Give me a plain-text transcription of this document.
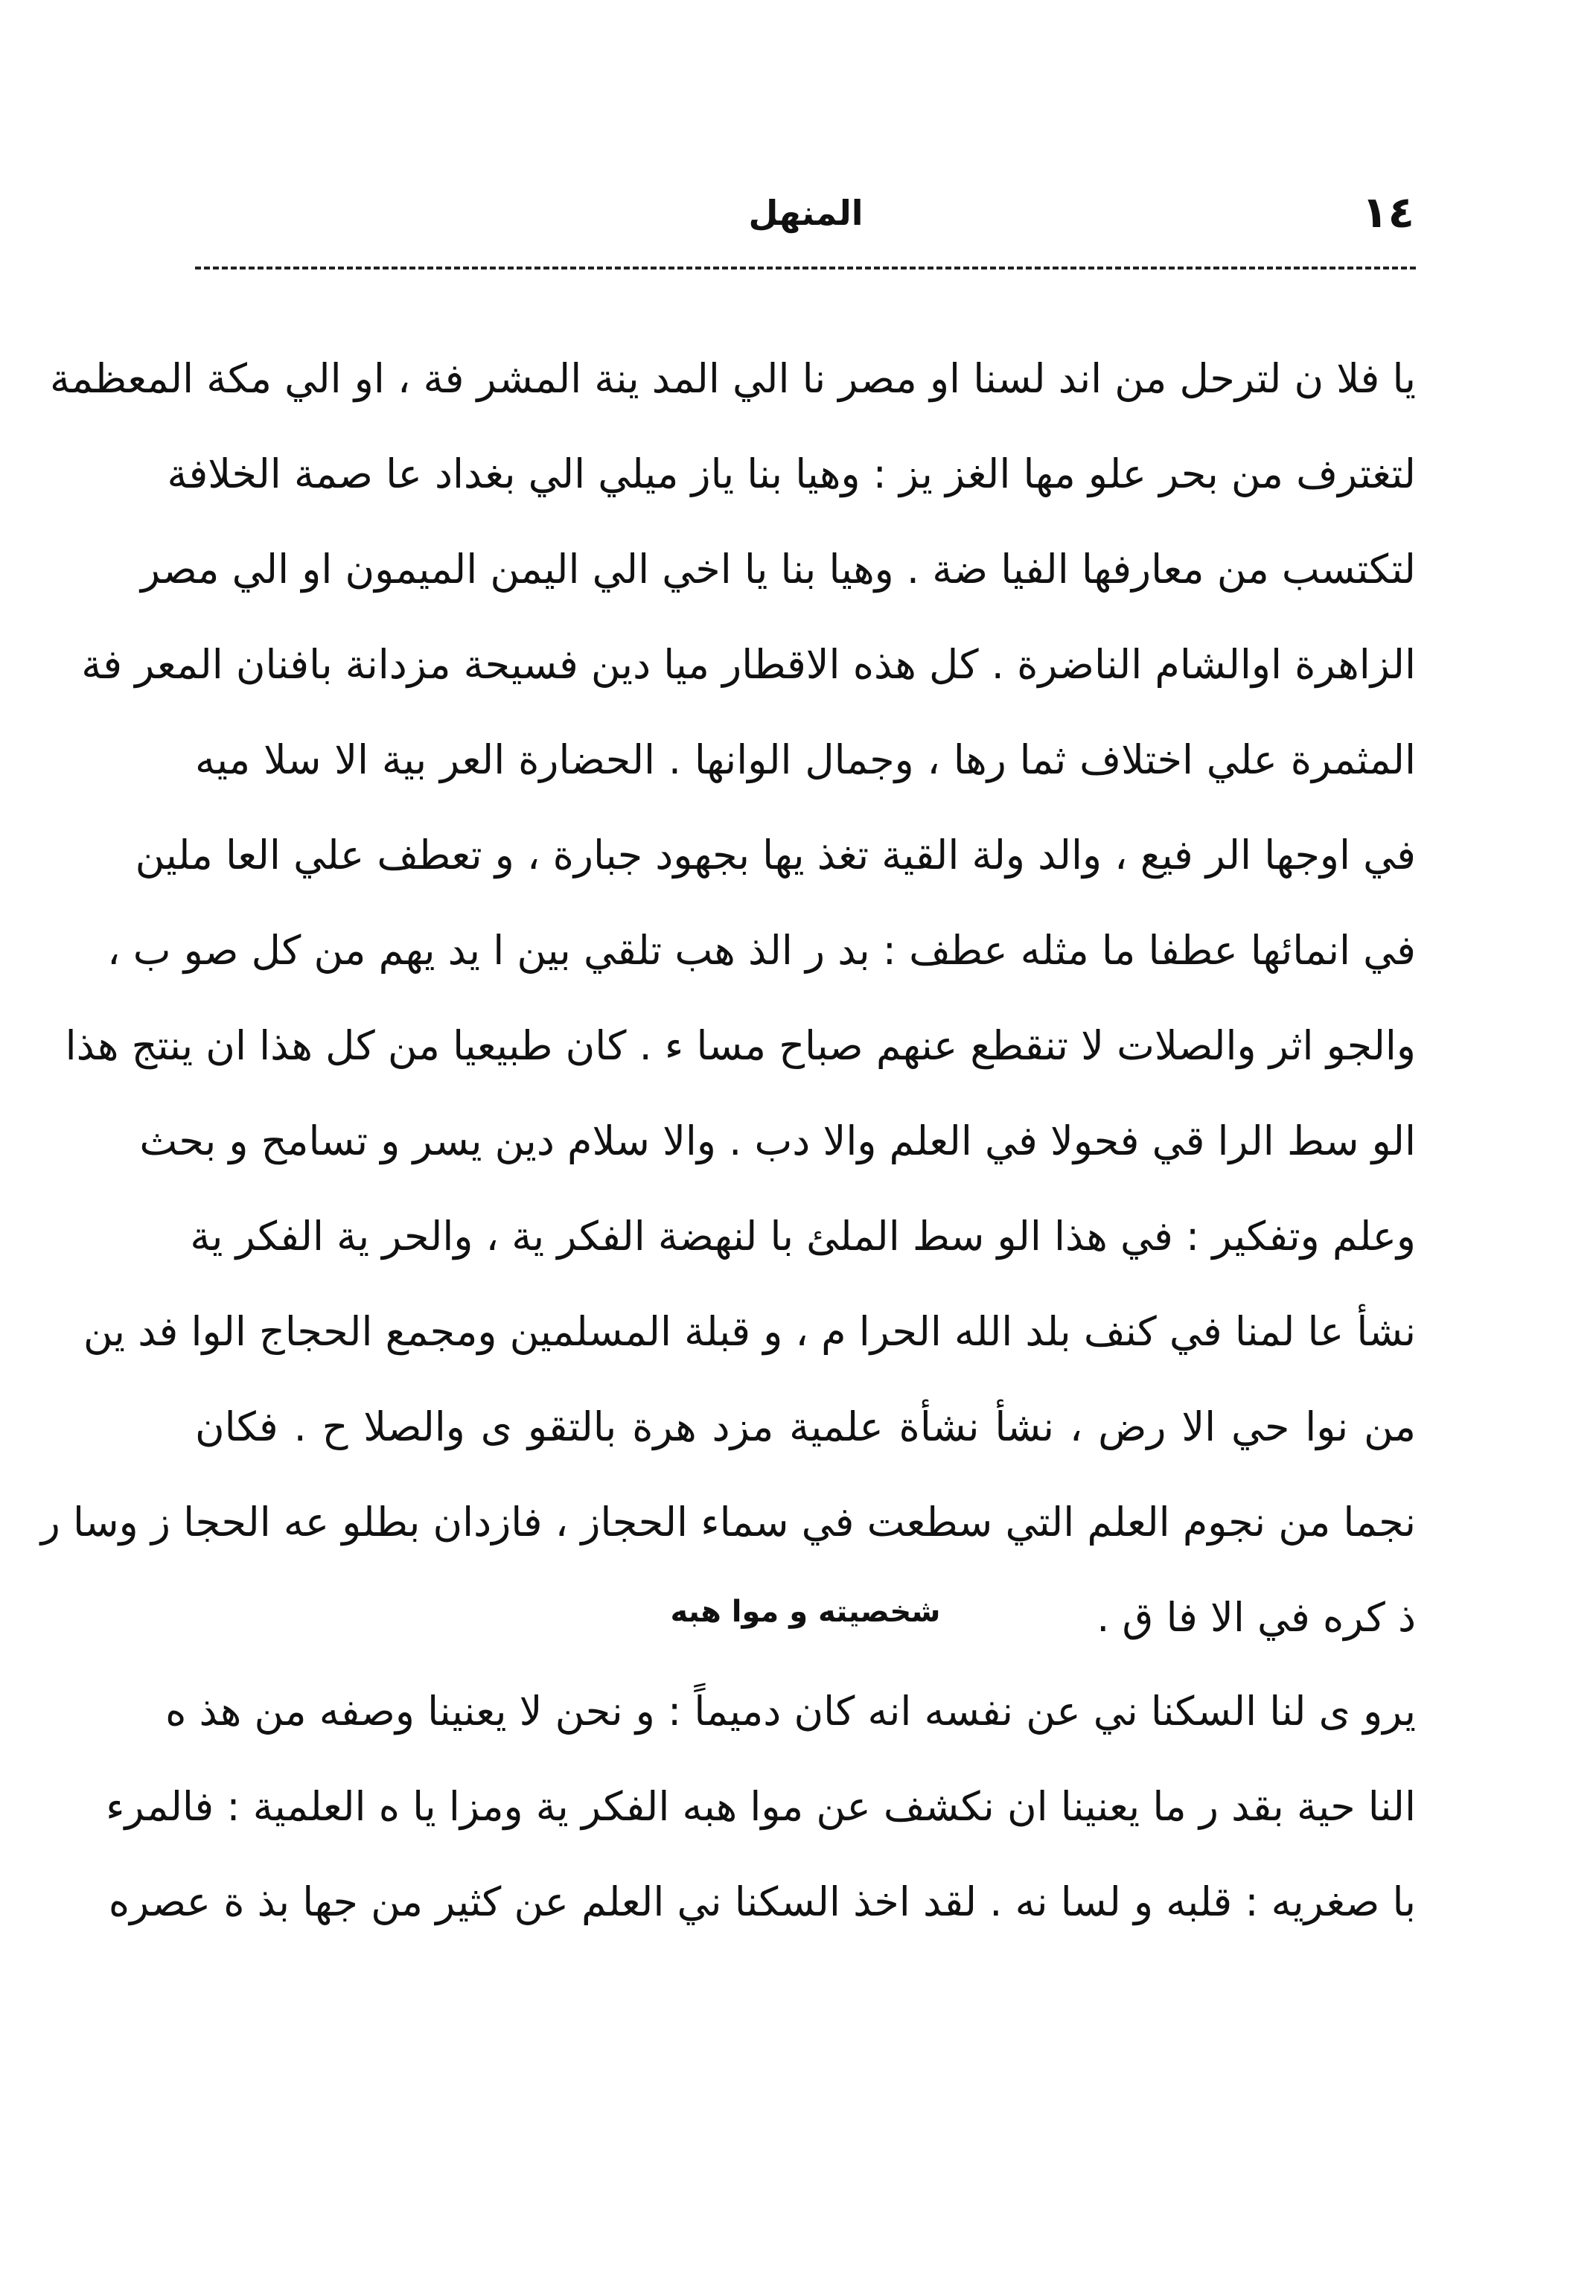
١٤
المنهل
يا فلا ن لترحل من اند لسنا او مصر نا الي المد ينة المشر فة ، او الي مكة المعظمة
لتغترف من بحر علو مها الغز يز : وهيا بنا ياز ميلي الي بغداد عا صمة الخلافة
لتكتسب من معارفها الفيا ضة . وهيا بنا يا اخي الي اليمن الميمون او الي مصر
الزاهرة اوالشام الناضرة . كل هذه الاقطار ميا دين فسيحة مزدانة بافنان المعر فة
المثمرة علي اختلاف ثما رها ، وجمال الوانها . الحضارة العر بية الا سلا ميه
في اوجها الر فيع ، والد ولة القية تغذ يها بجهود جبارة ، و تعطف علي العا ملين
في انمائها عطفا ما مثله عطف : بد ر الذ هب تلقي بين ا يد يهم من كل صو ب ،
والجو اثر والصلات لا تنقطع عنهم صباح مسا ء . كان طبيعيا من كل هذا ان ينتج هذا
الو سط الرا قي فحولا في العلم والا دب . والا سلام دين يسر و تسامح و بحث
وعلم وتفكير : في هذا الو سط الملئ با لنهضة الفكر ية ، والحر ية الفكر ية
نشأ عا لمنا في كنف بلد الله الحرا م ، و قبلة المسلمين ومجمع الحجاج الوا فد ين
من نوا حي الا رض ، نشأ نشأة علمية مزد هرة بالتقو ى والصلا ح . فكان
نجما من نجوم العلم التي سطعت في سماء الحجاز ، فازدان بطلو عه الحجا ز وسا ر
ذ كره في الا فا ق .
شخصيته و موا هبه
يرو ى لنا السكنا ني عن نفسه انه كان دميماً : و نحن لا يعنينا وصفه من هذ ه
النا حية بقد ر ما يعنينا ان نكشف عن موا هبه الفكر ية ومزا يا ه العلمية : فالمرء
با صغريه : قلبه و لسا نه . لقد اخذ السكنا ني العلم عن كثير من جها بذ ة عصره
